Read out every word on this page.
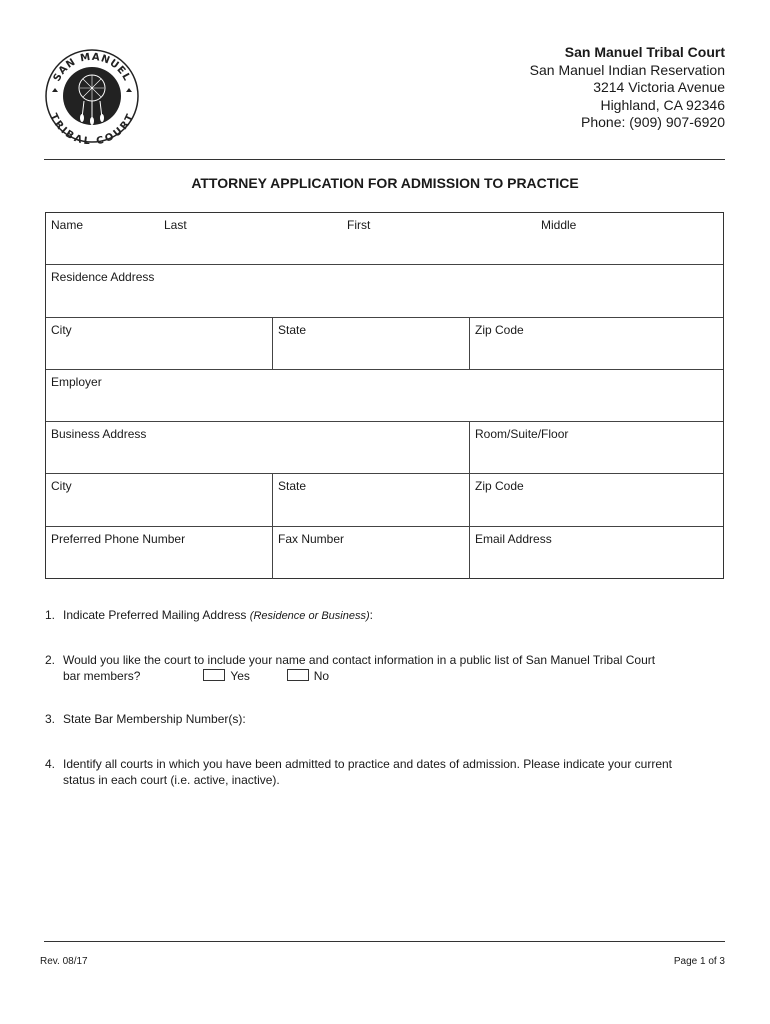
SAN MANUEL
TRIBAL COURT
San Manuel Tribal Court
San Manuel Indian Reservation
3214 Victoria Avenue
Highland, CA 92346
Phone: (909) 907-6920
ATTORNEY APPLICATION FOR ADMISSION TO PRACTICE
Name	Last	First	Middle
Residence Address
City	State	Zip Code
Employer
Business Address	Room/Suite/Floor
City	State	Zip Code
Preferred Phone Number	Fax Number	Email Address
1. Indicate Preferred Mailing Address (Residence or Business):
2. Would you like the court to include your name and contact information in a public list of San Manuel Tribal Court
bar members?	Yes	No
3. State Bar Membership Number(s):
4. Identify all courts in which you have been admitted to practice and dates of admission. Please indicate your current
status in each court (i.e. active, inactive).
Rev. 08/17	Page 1 of 3
